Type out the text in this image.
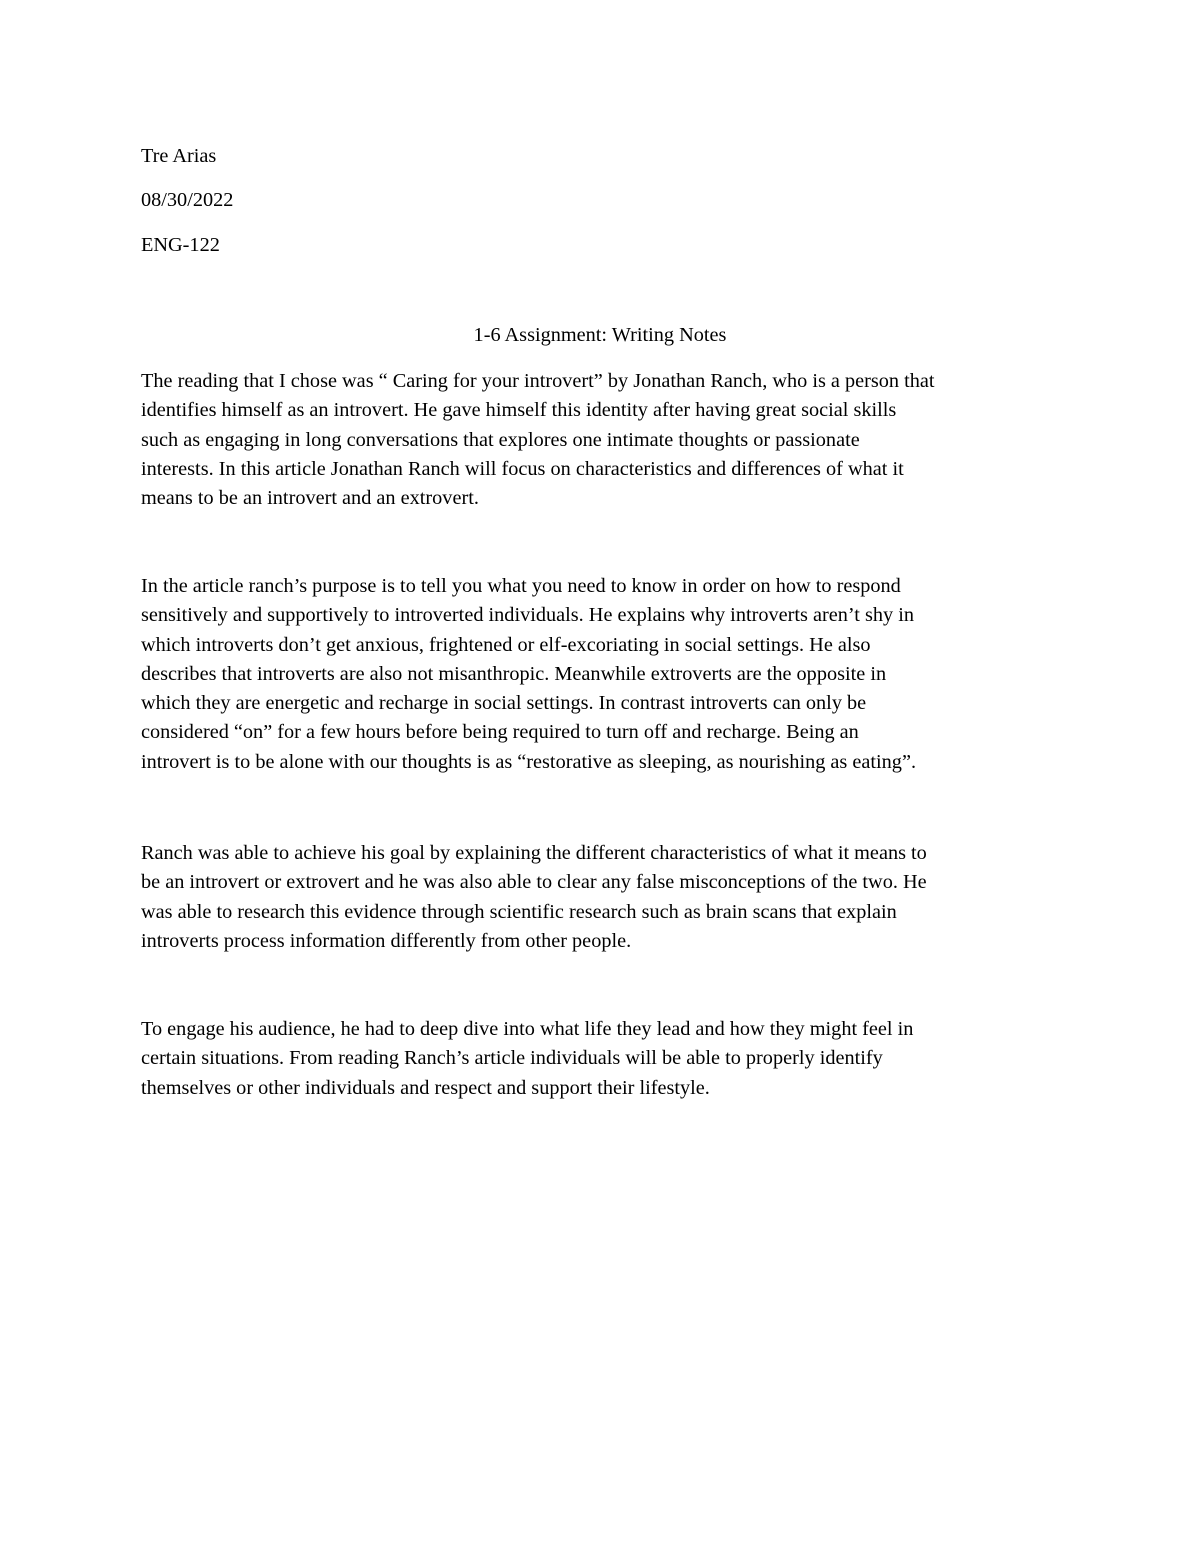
Tre Arias

08/30/2022

ENG-122

1-6 Assignment: Writing Notes
The reading that I chose was “ Caring for your introvert” by Jonathan Ranch, who is a person that
identifies himself as an introvert. He gave himself this identity after having great social skills
such as engaging in long conversations that explores one intimate thoughts or passionate
interests. In this article Jonathan Ranch will focus on characteristics and differences of what it
means to be an introvert and an extrovert.
In the article ranch’s purpose is to tell you what you need to know in order on how to respond
sensitively and supportively to introverted individuals. He explains why introverts aren’t shy in
which introverts don’t get anxious, frightened or elf-excoriating in social settings. He also
describes that introverts are also not misanthropic. Meanwhile extroverts are the opposite in
which they are energetic and recharge in social settings. In contrast introverts can only be
considered “on” for a few hours before being required to turn off and recharge. Being an
introvert is to be alone with our thoughts is as “restorative as sleeping, as nourishing as eating”.
Ranch was able to achieve his goal by explaining the different characteristics of what it means to
be an introvert or extrovert and he was also able to clear any false misconceptions of the two. He
was able to research this evidence through scientific research such as brain scans that explain
introverts process information differently from other people.
To engage his audience, he had to deep dive into what life they lead and how they might feel in
certain situations. From reading Ranch’s article individuals will be able to properly identify
themselves or other individuals and respect and support their lifestyle.
